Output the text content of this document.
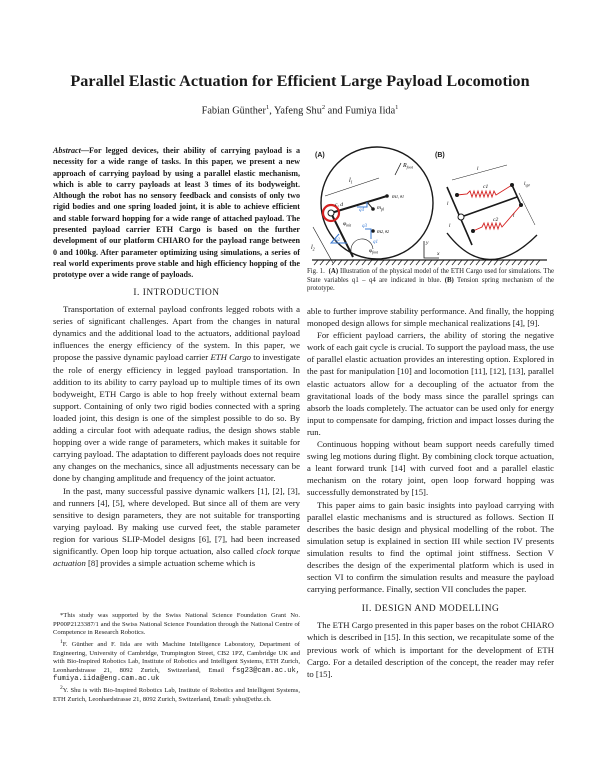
Parallel Elastic Actuation for Efficient Large Payload Locomotion
Fabian Günther$^1$, Yafeng Shu$^2$ and Fumiya Iida$^1$
Abstract—For legged devices, their ability of carrying payload is a necessity for a wide range of tasks. In this paper, we present a new approach of carrying payload by using a parallel elastic mechanism, which is able to carry payloads at least 3 times of its bodyweight. Although the robot has no sensory feedback and consists of only two rigid bodies and one spring loaded joint, it is able to achieve efficient and stable forward hopping for a wide range of attached payload. The presented payload carrier ETH Cargo is based on the further development of our platform CHIARO for the payload range between 0 and 100kg. After parameter optimizing using simulations, a series of real world experiments prove stable and high efficiency hopping of the prototype over a wide range of payloads.

I. INTRODUCTION

Transportation of external payload confronts legged robots with a series of significant challenges. Apart from the changes in natural dynamics and the additional load to the actuators, additional payload influences the energy efficiency of the system. In this paper, we propose the passive dynamic payload carrier ETH Cargo to investigate the role of energy efficiency in legged payload transportation. In addition to its ability to carry payload up to multiple times of its own bodyweight, ETH Cargo is able to hop freely without external beam support. Containing of only two rigid bodies connected with a spring loaded joint, this design is one of the simplest possible to do so. By adding a circular foot with adequate radius, the design shows stable hopping over a wide range of parameters, which makes it suitable for carrying payload. The adaptation to different payloads does not require any changes on the mechanics, since all adjustments necessary can be done by changing amplitude and frequency of the joint actuator.

In the past, many successful passive dynamic walkers [1], [2], [3], and runners [4], [5], where developed. But since all of them are very sensitive to design parameters, they are not suitable for transporting varying payload. By making use curved feet, the stable parameter region for various SLIP-Model designs [6], [7], had been increased significantly. Open loop hip torque actuation, also called clock torque actuation [8] provides a simple actuation scheme which is

*This study was supported by the Swiss National Science Foundation Grant No. PP00P2123387/1 and the Swiss National Science Foundation through the National Centre of Competence in Research Robotics.

$^1$F. Günther and F. Iida are with Machine Intelligence Laboratory, Department of Engineering, University of Cambridge, Trumpington Street, CB2 1PZ, Cambridge UK and with Bio-Inspired Robotics Lab, Institute of Robotics and Intelligent Systems, ETH Zurich, Leonhardstrasse 21, 8092 Zurich, Switzerland, Email fsg23@cam.ac.uk, fumiya.iida@eng.cam.ac.uk

$^2$Y. Shu is with Bio-Inspired Robotics Lab, Institute of Robotics and Intelligent Systems, ETH Zurich, Leonhardstrasse 21, 8092 Zurich, Switzerland, Email: yshu@ethz.ch.

(A)
$R_{foot}$
$l_1$
m1, θ1
$m_{pl}$
m2, θ2
c, d
q4
q3
q1
q2
$\varphi_{init}$
$\varphi_{foot}$
$l_2$
y
x
(B)
c1
c2
l
l
l
l
$l_{spr}$
Fig. 1. (A) Illustration of the physical model of the ETH Cargo used for simulations. The State variables q1 – q4 are indicated in blue. (B) Tension spring mechanism of the prototype.

able to further improve stability performance. And finally, the hopping monoped design allows for simple mechanical realizations [4], [9].

For efficient payload carriers, the ability of storing the negative work of each gait cycle is crucial. To support the payload mass, the use of parallel elastic actuation provides an interesting option. Explored in the past for manipulation [10] and locomotion [11], [12], [13], parallel elastic actuators allow for a decoupling of the actuator from the gravitational loads of the body mass since the parallel springs can absorb the loads completely. The actuator can be used only for energy input to compensate for damping, friction and impact losses during the run.

Continuous hopping without beam support needs carefully timed swing leg motions during flight. By combining clock torque actuation, a leant forward trunk [14] with curved foot and a parallel elastic mechanism on the rotary joint, open loop forward hopping was successfully demonstrated by [15].

This paper aims to gain basic insights into payload carrying with parallel elastic mechanisms and is structured as follows. Section II describes the basic design and physical modelling of the robot. The simulation setup is explained in section III while section IV presents simulation results to find the optimal joint stiffness. Section V describes the design of the experimental platform which is used in section VI to confirm the simulation results and measure the payload carrying performance. Finally, section VII concludes the paper.

II. DESIGN AND MODELLING

The ETH Cargo presented in this paper bases on the robot CHIARO which is described in [15]. In this section, we recapitulate some of the previous work of which is important for the development of ETH Cargo. For a detailed description of the concept, the reader may refer to [15].
